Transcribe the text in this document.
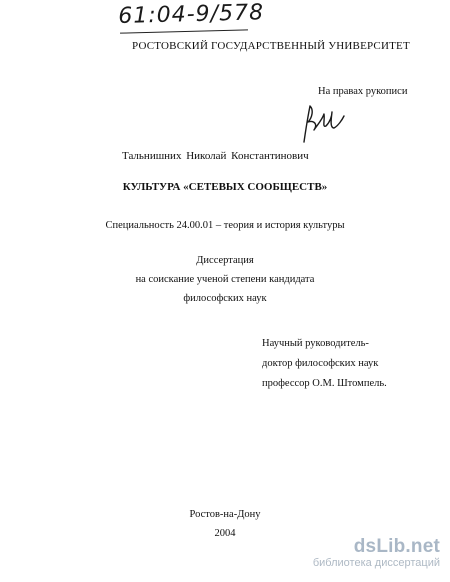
61:04-9/578
РОСТОВСКИЙ ГОСУДАРСТВЕННЫЙ УНИВЕРСИТЕТ
На правах рукописи
Тальнишних Николай Константинович
КУЛЬТУРА «СЕТЕВЫХ СООБЩЕСТВ»
Специальность 24.00.01 – теория и история культуры
Диссертация
на соискание ученой степени кандидата
философских наук
Научный руководитель-
доктор философских наук
профессор О.М. Штомпель.
Ростов-на-Дону
2004
dsLib.net
библиотека диссертаций
